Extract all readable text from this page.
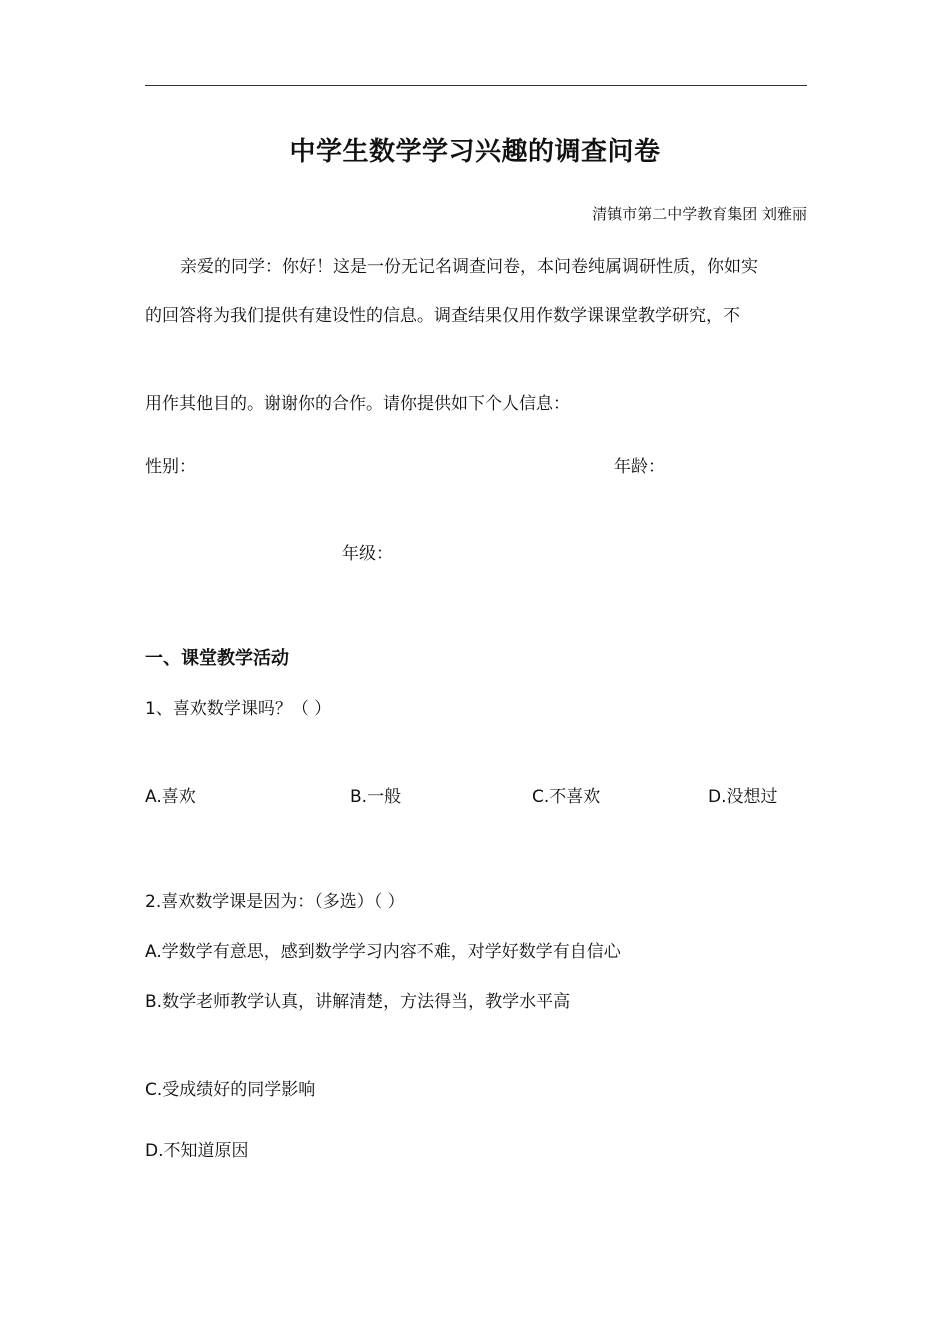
中学生数学学习兴趣的调查问卷
清镇市第二中学教育集团 刘雅丽
亲爱的同学：你好！这是一份无记名调查问卷，本问卷纯属调研性质，你如实
的回答将为我们提供有建设性的信息。调查结果仅用作数学课课堂教学研究，不
用作其他目的。谢谢你的合作。请你提供如下个人信息：
性别：	年龄：
年级：
一、课堂教学活动
1、喜欢数学课吗？（ ）
A.喜欢	B.一般	C.不喜欢	D.没想过
2.喜欢数学课是因为：（多选）（ ）
A.学数学有意思，感到数学学习内容不难，对学好数学有自信心
B.数学老师教学认真，讲解清楚，方法得当，教学水平高
C.受成绩好的同学影响
D.不知道原因
